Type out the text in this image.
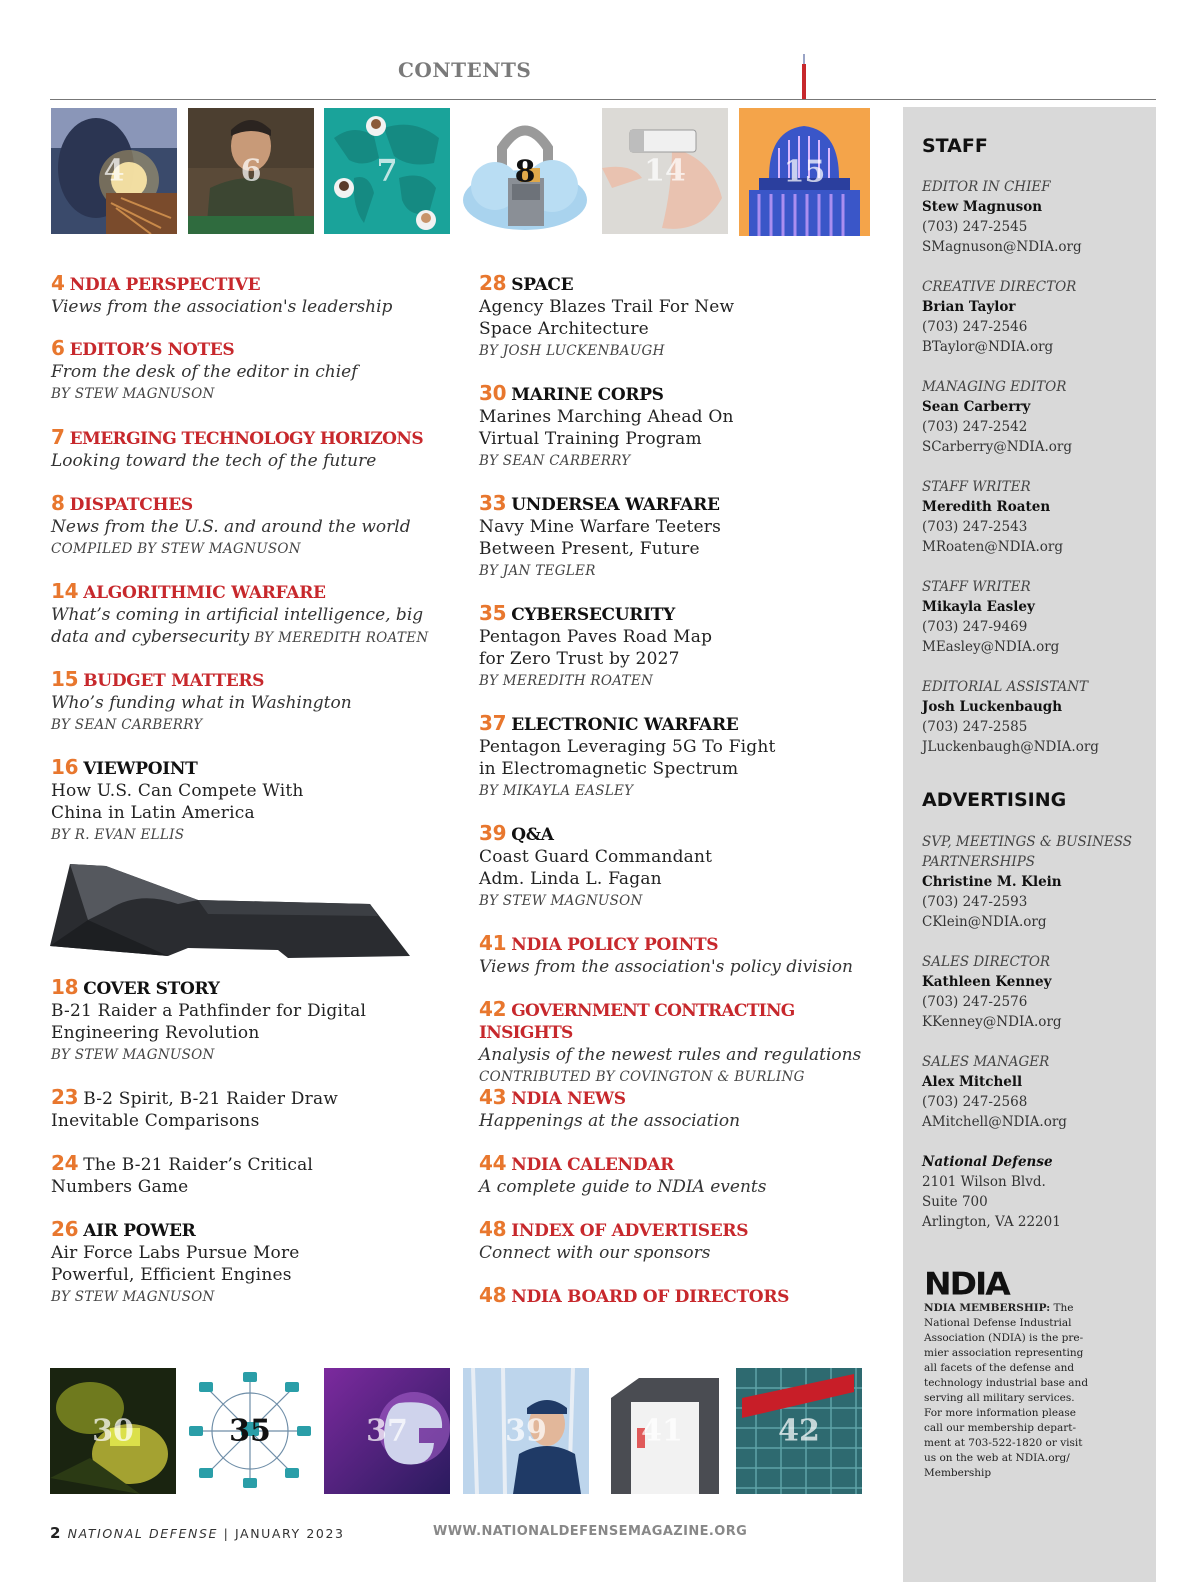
CONTENTS
4	6	7	8	14	15
4 NDIA PERSPECTIVE
Views from the association's leadership
6 EDITOR’S NOTES
From the desk of the editor in chief
BY STEW MAGNUSON
7 EMERGING TECHNOLOGY HORIZONS
Looking toward the tech of the future
8 DISPATCHES
News from the U.S. and around the world
COMPILED BY STEW MAGNUSON
14 ALGORITHMIC WARFARE
What’s coming in artificial intelligence, big
data and cybersecurity BY MEREDITH ROATEN
15 BUDGET MATTERS
Who’s funding what in Washington
BY SEAN CARBERRY
16 VIEWPOINT
How U.S. Can Compete With
China in Latin America
BY R. EVAN ELLIS
18 COVER STORY
B-21 Raider a Pathfinder for Digital
Engineering Revolution
BY STEW MAGNUSON
23 B-2 Spirit, B-21 Raider Draw
Inevitable Comparisons
24 The B-21 Raider’s Critical
Numbers Game
26 AIR POWER
Air Force Labs Pursue More
Powerful, Efficient Engines
BY STEW MAGNUSON
28 SPACE
Agency Blazes Trail For New
Space Architecture
BY JOSH LUCKENBAUGH
30 MARINE CORPS
Marines Marching Ahead On
Virtual Training Program
BY SEAN CARBERRY
33 UNDERSEA WARFARE
Navy Mine Warfare Teeters
Between Present, Future
BY JAN TEGLER
35 CYBERSECURITY
Pentagon Paves Road Map
for Zero Trust by 2027
BY MEREDITH ROATEN
37 ELECTRONIC WARFARE
Pentagon Leveraging 5G To Fight
in Electromagnetic Spectrum
BY MIKAYLA EASLEY
39 Q&A
Coast Guard Commandant
Adm. Linda L. Fagan
BY STEW MAGNUSON
41 NDIA POLICY POINTS
Views from the association's policy division
42 GOVERNMENT CONTRACTING INSIGHTS
Analysis of the newest rules and regulations
CONTRIBUTED BY COVINGTON & BURLING
43 NDIA NEWS
Happenings at the association
44 NDIA CALENDAR
A complete guide to NDIA events
48 INDEX OF ADVERTISERS
Connect with our sponsors
48 NDIA BOARD OF DIRECTORS
30	35	37	39	41	42
STAFF
EDITOR IN CHIEF
Stew Magnuson
(703) 247-2545
SMagnuson@NDIA.org
CREATIVE DIRECTOR
Brian Taylor
(703) 247-2546
BTaylor@NDIA.org
MANAGING EDITOR
Sean Carberry
(703) 247-2542
SCarberry@NDIA.org
STAFF WRITER
Meredith Roaten
(703) 247-2543
MRoaten@NDIA.org
STAFF WRITER
Mikayla Easley
(703) 247-9469
MEasley@NDIA.org
EDITORIAL ASSISTANT
Josh Luckenbaugh
(703) 247-2585
JLuckenbaugh@NDIA.org
ADVERTISING
SVP, MEETINGS & BUSINESS
PARTNERSHIPS
Christine M. Klein
(703) 247-2593
CKlein@NDIA.org
SALES DIRECTOR
Kathleen Kenney
(703) 247-2576
KKenney@NDIA.org
SALES MANAGER
Alex Mitchell
(703) 247-2568
AMitchell@NDIA.org
National Defense
2101 Wilson Blvd.
Suite 700
Arlington, VA 22201
NDIA
NDIA MEMBERSHIP: The
National Defense Industrial
Association (NDIA) is the pre-
mier association representing
all facets of the defense and
technology industrial base and
serving all military services.
For more information please
call our membership depart-
ment at 703-522-1820 or visit
us on the web at NDIA.org/
Membership
2 NATIONAL DEFENSE | JANUARY 2023	WWW.NATIONALDEFENSEMAGAZINE.ORG
